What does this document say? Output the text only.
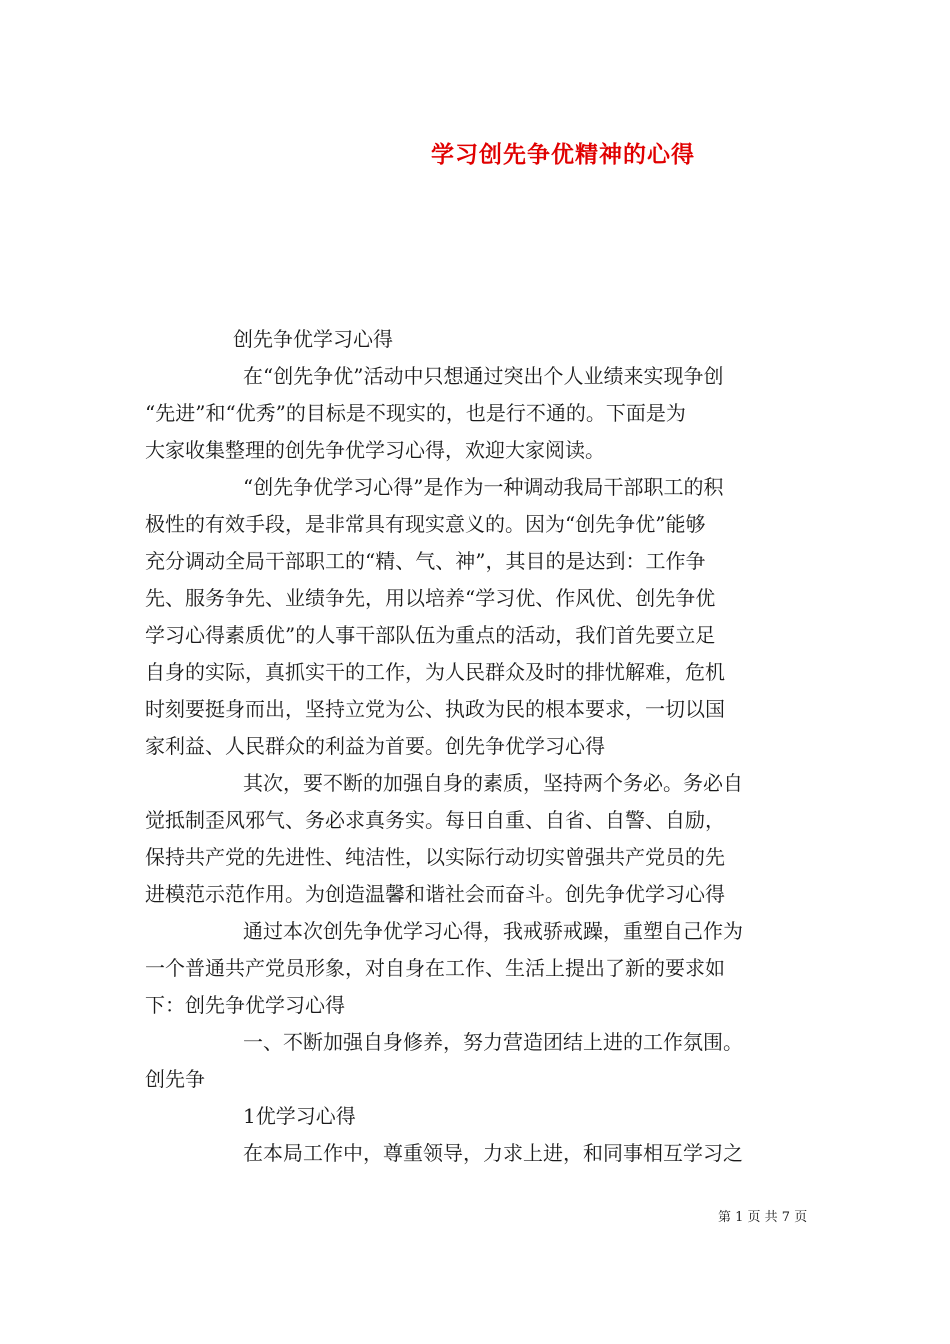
学习创先争优精神的心得

创先争优学习心得

在“创先争优”活动中只想通过突出个人业绩来实现争创

“先进”和“优秀”的目标是不现实的，也是行不通的。下面是为

大家收集整理的创先争优学习心得，欢迎大家阅读。

“创先争优学习心得”是作为一种调动我局干部职工的积

极性的有效手段，是非常具有现实意义的。因为“创先争优”能够

充分调动全局干部职工的“精、气、神”，其目的是达到：工作争

先、服务争先、业绩争先，用以培养“学习优、作风优、创先争优

学习心得素质优”的人事干部队伍为重点的活动，我们首先要立足

自身的实际，真抓实干的工作，为人民群众及时的排忧解难，危机

时刻要挺身而出，坚持立党为公、执政为民的根本要求，一切以国

家利益、人民群众的利益为首要。创先争优学习心得

其次，要不断的加强自身的素质，坚持两个务必。务必自

觉抵制歪风邪气、务必求真务实。每日自重、自省、自警、自励，

保持共产党的先进性、纯洁性，以实际行动切实曾强共产党员的先

进模范示范作用。为创造温馨和谐社会而奋斗。创先争优学习心得

通过本次创先争优学习心得，我戒骄戒躁，重塑自己作为

一个普通共产党员形象，对自身在工作、生活上提出了新的要求如

下：创先争优学习心得

一、不断加强自身修养，努力营造团结上进的工作氛围。

创先争

1优学习心得

在本局工作中，尊重领导，力求上进，和同事相互学习之

第 1 页 共 7 页
